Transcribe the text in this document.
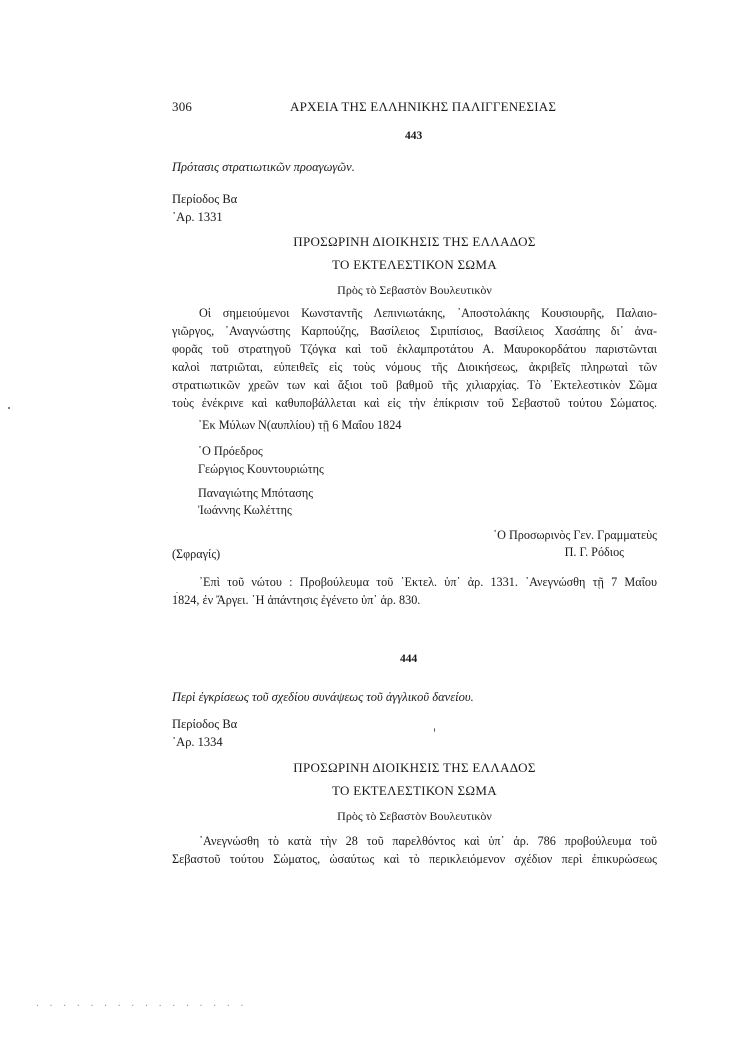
306	ΑΡΧΕΙΑ ΤΗΣ ΕΛΛΗΝΙΚΗΣ ΠΑΛΙΓΓΕΝΕΣΙΑΣ
443
Πρότασις στρατιωτικῶν προαγωγῶν.
Περίοδος Βα
᾿Αρ. 1331
ΠΡΟΣΩΡΙΝΗ ΔΙΟΙΚΗΣΙΣ ΤΗΣ ΕΛΛΑΔΟΣ
ΤΟ ΕΚΤΕΛΕΣΤΙΚΟΝ ΣΩΜΑ
Πρὸς τὸ Σεβαστὸν Βουλευτικὸν
Οἱ σημειούμενοι Κωνσταντῆς Λεπινιωτάκης, ᾿Αποστολάκης Κουσιουρῆς, Παλαιο-
γιῶργος, ᾿Αναγνώστης Καρπούζης, Βασίλειος Σιριπίσιος, Βασίλειος Χασάπης δι᾿ ἀνα-
φορᾶς τοῦ στρατηγοῦ Τζόγκα καὶ τοῦ ἐκλαμπροτάτου Α. Μαυροκορδάτου παριστῶνται
καλοὶ πατριῶται, εὐπειθεῖς εἰς τοὺς νόμους τῆς Διοικήσεως, ἀκριβεῖς πληρωταὶ τῶν
στρατιωτικῶν χρεῶν των καὶ ἄξιοι τοῦ βαθμοῦ τῆς χιλιαρχίας. Τὸ ᾿Εκτελεστικὸν Σῶμα
τοὺς ἐνέκρινε καὶ καθυποβάλλεται καὶ εἰς τὴν ἐπίκρισιν τοῦ Σεβαστοῦ τούτου Σώματος.
᾿Εκ Μύλων Ν(αυπλίου) τῇ 6 Μαΐου 1824
῾Ο Πρόεδρος
Γεώργιος Κουντουριώτης
Παναγιώτης Μπότασης
Ἰωάννης Κωλέττης
῾Ο Προσωρινὸς Γεν. Γραμματεὺς
(Σφραγίς)	Π. Γ. Ρόδιος
᾿Επὶ τοῦ νώτου : Προβούλευμα τοῦ ᾿Εκτελ. ὑπ᾿ ἀρ. 1331. ᾿Ανεγνώσθη τῇ 7 Μαΐου
1824, ἐν Ἄργει. ῾Η ἀπάντησις ἐγένετο ὑπ᾿ ἀρ. 830.
444
Περὶ ἐγκρίσεως τοῦ σχεδίου συνάψεως τοῦ ἀγγλικοῦ δανείου.
Περίοδος Βα
᾿Αρ. 1334
ΠΡΟΣΩΡΙΝΗ ΔΙΟΙΚΗΣΙΣ ΤΗΣ ΕΛΛΑΔΟΣ
ΤΟ ΕΚΤΕΛΕΣΤΙΚΟΝ ΣΩΜΑ
Πρὸς τὸ Σεβαστὸν Βουλευτικὸν
᾿Ανεγνώσθη τὸ κατὰ τὴν 28 τοῦ παρελθόντος καὶ ὑπ᾿ ἀρ. 786 προβούλευμα τοῦ
Σεβαστοῦ τούτου Σώματος, ὡσαύτως καὶ τὸ περικλειόμενον σχέδιον περὶ ἐπικυρώσεως
. . . . . . . . . . . . . . . .
